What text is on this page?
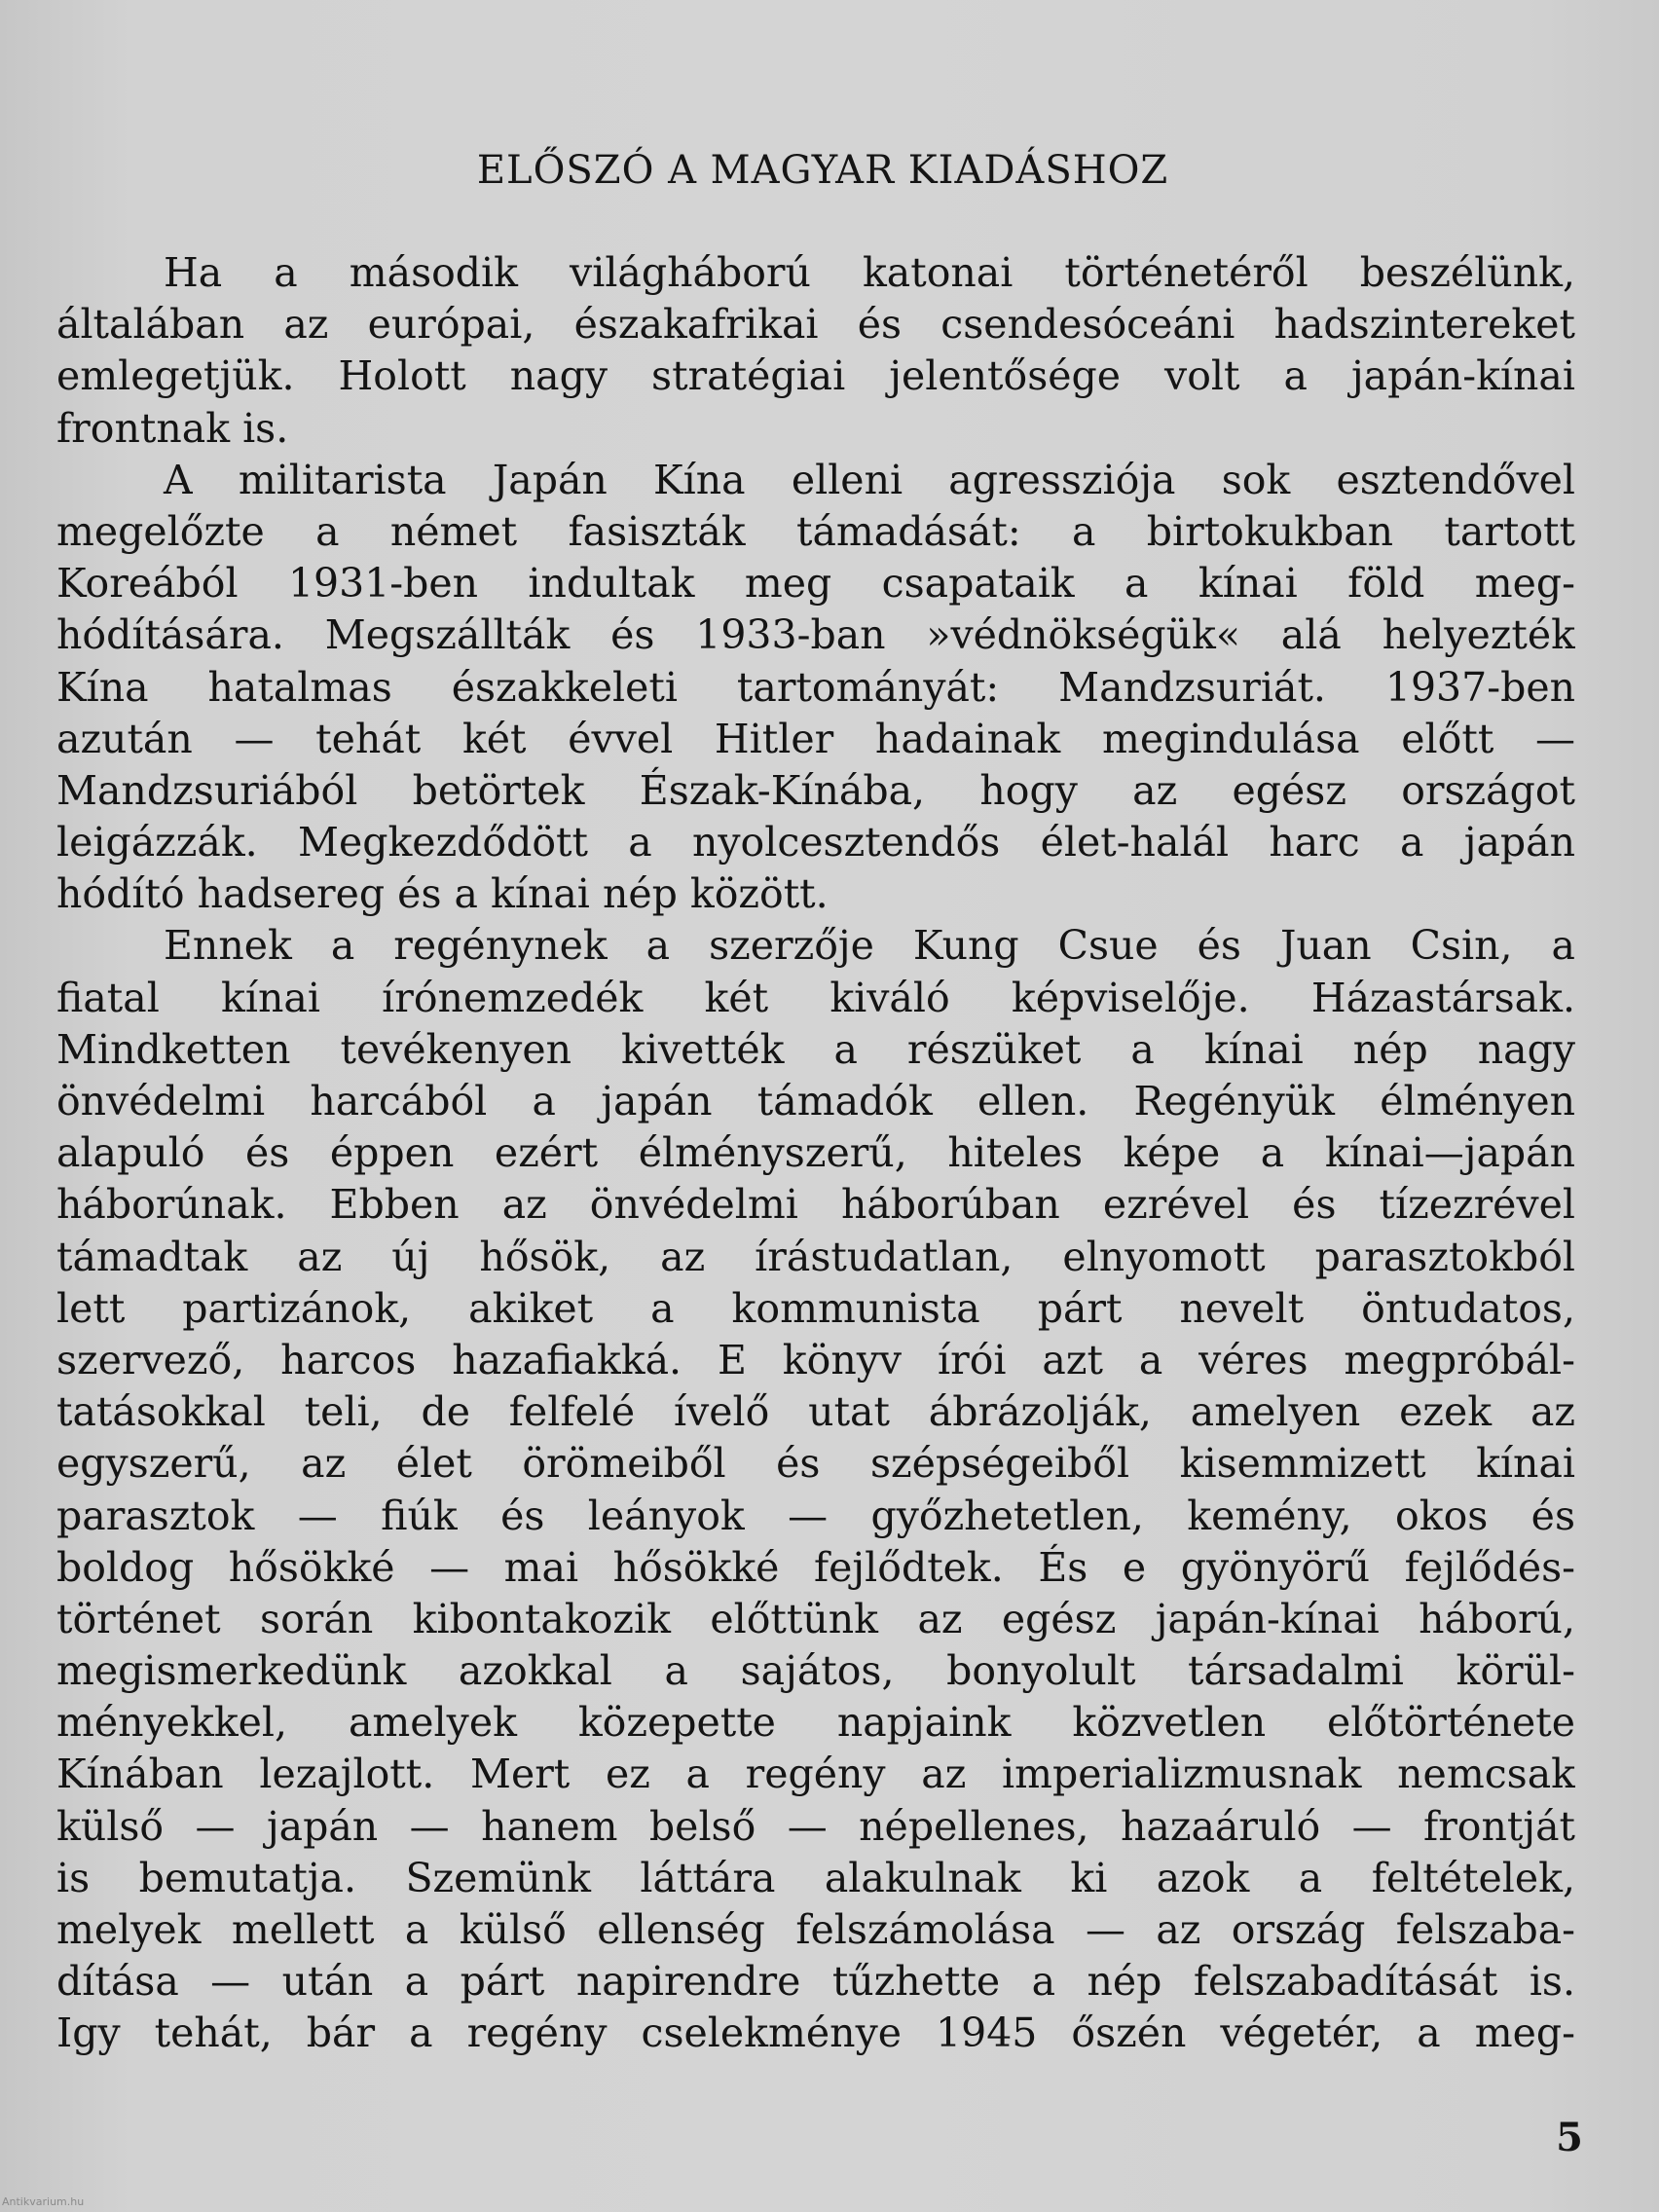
ELŐSZÓ A MAGYAR KIADÁSHOZ
Ha a második világháború katonai történetéről beszélünk,
általában az európai, északafrikai és csendesóceáni hadszintereket
emlegetjük. Holott nagy stratégiai jelentősége volt a japán-kínai
frontnak is.
A militarista Japán Kína elleni agressziója sok esztendővel
megelőzte a német fasiszták támadását: a birtokukban tartott
Koreából 1931-ben indultak meg csapataik a kínai föld meg-
hódítására. Megszállták és 1933-ban »védnökségük« alá helyezték
Kína hatalmas északkeleti tartományát: Mandzsuriát. 1937-ben
azután — tehát két évvel Hitler hadainak megindulása előtt —
Mandzsuriából betörtek Észak-Kínába, hogy az egész országot
leigázzák. Megkezdődött a nyolcesztendős élet-halál harc a japán
hódító hadsereg és a kínai nép között.
Ennek a regénynek a szerzője Kung Csue és Juan Csin, a
fiatal kínai írónemzedék két kiváló képviselője. Házastársak.
Mindketten tevékenyen kivették a részüket a kínai nép nagy
önvédelmi harcából a japán támadók ellen. Regényük élményen
alapuló és éppen ezért élményszerű, hiteles képe a kínai—japán
háborúnak. Ebben az önvédelmi háborúban ezrével és tízezrével
támadtak az új hősök, az írástudatlan, elnyomott parasztokból
lett partizánok, akiket a kommunista párt nevelt öntudatos,
szervező, harcos hazafiakká. E könyv írói azt a véres megpróbál-
tatásokkal teli, de felfelé ívelő utat ábrázolják, amelyen ezek az
egyszerű, az élet örömeiből és szépségeiből kisemmizett kínai
parasztok — fiúk és leányok — győzhetetlen, kemény, okos és
boldog hősökké — mai hősökké fejlődtek. És e gyönyörű fejlődés-
történet során kibontakozik előttünk az egész japán-kínai háború,
megismerkedünk azokkal a sajátos, bonyolult társadalmi körül-
ményekkel, amelyek közepette napjaink közvetlen előtörténete
Kínában lezajlott. Mert ez a regény az imperializmusnak nemcsak
külső — japán — hanem belső — népellenes, hazaáruló — frontját
is bemutatja. Szemünk láttára alakulnak ki azok a feltételek,
melyek mellett a külső ellenség felszámolása — az ország felszaba-
dítása — után a párt napirendre tűzhette a nép felszabadítását is.
Igy tehát, bár a regény cselekménye 1945 őszén végetér, a meg-

5

Antikvarium.hu
